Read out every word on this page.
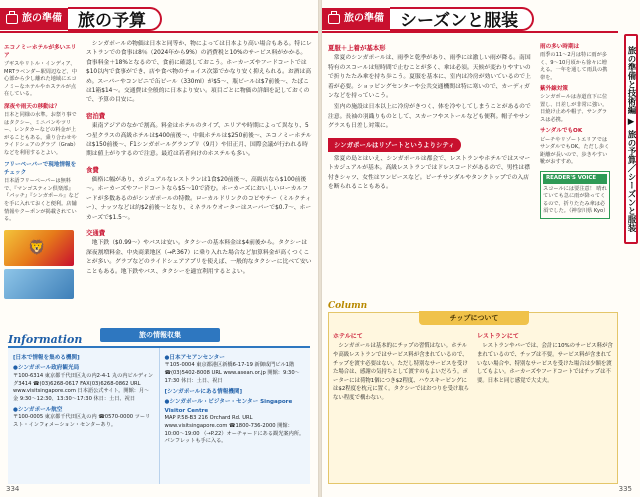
旅の準備 旅の予算
エコノミーホテルが多いエリア

ブギスやリトル・インディア、MRTラベンダー駅周辺など、中心部から少し離れた地域にエコノミーなホテルやホステルが点在している。

深夜や雨天の移動は？

日本と同様の水準。お祭り事ではタクシー、ミニバンやツリー、レンタカーなどの料金が上がることもある。乗り合わせやライドシェアのグラブ（Grab）などを利用するとよい。

フリーペーパーで現地情報をチェック

日本語フリーペーパーは無料で、『マンゴスティン倶楽部』『パッチ』『シンガポール』などを手に入れておくと便利。店舗情報やクーポンが掲載されている。

🦁

シンガポールの物価は日本と同等か、物によっては日本より高い場合もある。特にレストランでの食事は8％（2024年から9%）の消費税と10%のサービス料がかかる。食事料金＋18%となるので、食前に確認しておこう。ホーカーズやフードコートでは$10以内で食事ができ、店や食べ物のチョイス次第でかなり安く抑えられる。お酒は高め。スーパーやコンビニで缶ビール（330ml）が$5～、瓶ビールは$7前後～、たばこは1箱$14～。交通費は全般的に日本より安い。項目ごとに物価の詳細を記しておくので、予算の目安に。

宿泊費

東南アジアのなかで割高。料金はホテルのタイプ、エリアや時期によって異なり、5つ星クラスの高級ホテルは$400前後～、中級ホテルは$250前後～、エコノミーホテルは$150前後～、F1シンガポールグランプリ（9月）や旧正月、国際会議が行われる時期は値上がりするので注意。最近は若者向けのホステルも多い。

食費

価格に幅があり、カジュアルなレストランは1食$20前後～、高級店なら$100前後～。ホーカーズやフードコートなら$5～10で済む。ホーカーズにおいしいローカルフードが多数あるのがシンガポールの特徴。ローカルドリンクのコピやテー（ミルクティー）、ナッツなどは約$2前後～となり、ミネラルウオーターはスーパーで$0.7～、ホーカーズで$1.5～。

交通費

地下鉄（$0.99～）やバスは安い。タクシーの基本料金は$4前後から。タクシーは深夜割増料金、中央商業地区（→P.367）に乗り入れた場合など加算料金が高くつくことが多い。グラブなどのライドシェアアプリを使えば、一般的なタクシーに比べて安いこともある。地下鉄やバス、タクシーを適宜利用するとよい。

Information	旅の情報収集
[日本で情報を集める機関]
●シンガポール政府観光局
〒100-6314 東京都千代田区丸の内2-4-1 丸の内ビルディング3414 ☎(03)6268-0617 FAX(03)6268-0862 URL www.visitsingapore.com 日本語公式サイト。開館：月～金 9:30～12:30、13:30～17:30 休日：土日、祝日
●シンガポール航空
〒100-0005 東京都千代田区丸の内 ☎0570-0000 ツーリスト・インフォメーション・センターあり。
●日本アセアンセンター
〒105-0004 東京都港区新橋6-17-19 新御成門ビル1階 ☎(03)5402-8008 URL www.asean.or.jp 開館：9:30～17:30 休日：土日、祝日
[シンガポールにある情報機関]
●シンガポール・ビジター・センター Singapore Visitor Centre
MAP P.58-B3 216 Orchard Rd. URL www.visitsingapore.com ☎1800-736-2000 開館：10:00～19:00 （→P.22）オーチャードにある観光案内所。パンフレットも手に入る。
334
旅の準備 シーズンと服装
夏服＋上着が基本形

常夏のシンガポールは、雨季と乾季があり、雨季には激しい雨が降る。南国特有のスコールは短時間で止むことが多く、傘は必須。天候が変わりやすいので折りたたみ傘を持ち歩こう。夏服を基本に、室内は冷房が効いているので上着が必要。ショッピングセンターや公共交通機関は特に寒いので、カーディガンなどを持っていこう。

室内の施設は日本以上に冷房がきつく、体を冷やしてしまうことがあるので注意。長袖の羽織りものとして、スカーフやストールなども便利。帽子やサングラスも日差し対策に。

シンガポールはリゾートというよりシティ

常夏の島とはいえ、シンガポールは都会で、レストランやホテルではスマートカジュアルが基本。高級レストランではドレスコードがあるので、男性は襟付きシャツ、女性はワンピースなど。ビーチサンダルやタンクトップでの入店を断られることもある。

雨の多い時期は

雨季の11～2月は特に雨が多く、9～10月頃から徐々に増える。一年を通して雨具の携帯を。

紫外線対策

シンガポールは赤道直下に位置し、日差しが非常に強い。日焼け止めや帽子、サングラスは必携。

サンダルでもOK

ビーチやリゾートエリアではサンダルでもOK。ただし歩く距離が長いので、歩きやすい靴がおすすめ。

READER'S VOICE
スコールには要注意！ 晴れていても急に雨が降ってくるので、折りたたみ傘は必須でした。（神奈川県 Kyo）
Column
チップについて
ホテルにて

シンガポールは基本的にチップの習慣はない。ホテルや高級レストランではサービス料が含まれているので、チップを渡す必要はない。ただし特別なサービスを受けた場合は、感謝の気持ちとして渡すのもよいだろう。ポーターには荷物1個につき$2程度、ハウスキーピングには$2程度を枕元に置く。タクシーではおつりを受け取らない程度で構わない。

レストランにて

レストランやバーでは、会計に10%のサービス料が含まれているので、チップは不要。サービス料が含まれていない場合や、特別なサービスを受けた場合は少額を渡してもよい。ホーカーズやフードコートではチップは不要。日本と同じ感覚で大丈夫。

旅の準備と技術編 ▶ 旅の予算／シーズンと服装
335
